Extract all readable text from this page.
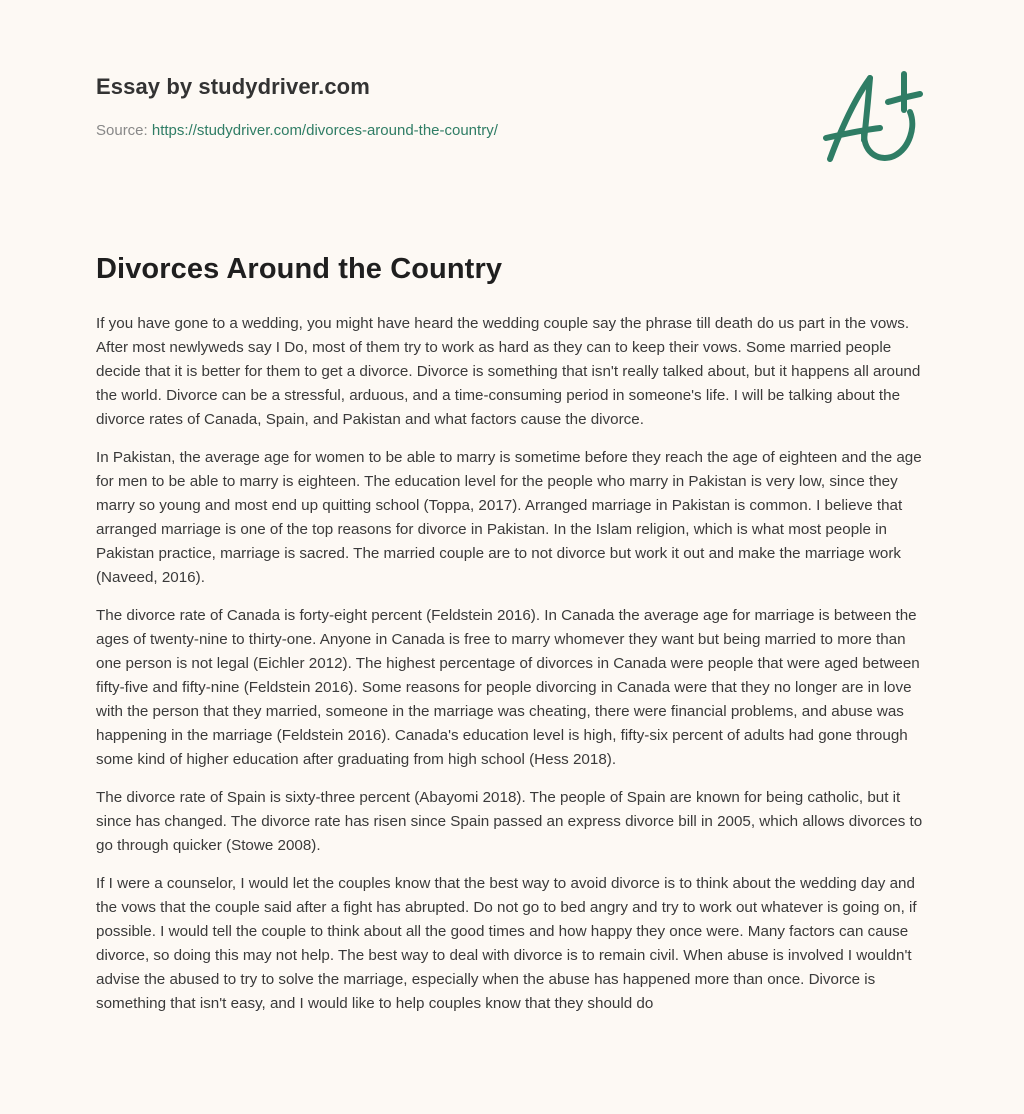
Essay by studydriver.com
Source: https://studydriver.com/divorces-around-the-country/
Divorces Around the Country

If you have gone to a wedding, you might have heard the wedding couple say the phrase till death do us part in the vows. After most newlyweds say I Do, most of them try to work as hard as they can to keep their vows. Some married people decide that it is better for them to get a divorce. Divorce is something that isn't really talked about, but it happens all around the world. Divorce can be a stressful, arduous, and a time-consuming period in someone's life. I will be talking about the divorce rates of Canada, Spain, and Pakistan and what factors cause the divorce.

In Pakistan, the average age for women to be able to marry is sometime before they reach the age of eighteen and the age for men to be able to marry is eighteen. The education level for the people who marry in Pakistan is very low, since they marry so young and most end up quitting school (Toppa, 2017). Arranged marriage in Pakistan is common. I believe that arranged marriage is one of the top reasons for divorce in Pakistan. In the Islam religion, which is what most people in Pakistan practice, marriage is sacred. The married couple are to not divorce but work it out and make the marriage work (Naveed, 2016).

The divorce rate of Canada is forty-eight percent (Feldstein 2016). In Canada the average age for marriage is between the ages of twenty-nine to thirty-one. Anyone in Canada is free to marry whomever they want but being married to more than one person is not legal (Eichler 2012). The highest percentage of divorces in Canada were people that were aged between fifty-five and fifty-nine (Feldstein 2016). Some reasons for people divorcing in Canada were that they no longer are in love with the person that they married, someone in the marriage was cheating, there were financial problems, and abuse was happening in the marriage (Feldstein 2016). Canada's education level is high, fifty-six percent of adults had gone through some kind of higher education after graduating from high school (Hess 2018).

The divorce rate of Spain is sixty-three percent (Abayomi 2018). The people of Spain are known for being catholic, but it since has changed. The divorce rate has risen since Spain passed an express divorce bill in 2005, which allows divorces to go through quicker (Stowe 2008).

If I were a counselor, I would let the couples know that the best way to avoid divorce is to think about the wedding day and the vows that the couple said after a fight has abrupted. Do not go to bed angry and try to work out whatever is going on, if possible. I would tell the couple to think about all the good times and how happy they once were. Many factors can cause divorce, so doing this may not help. The best way to deal with divorce is to remain civil. When abuse is involved I wouldn't advise the abused to try to solve the marriage, especially when the abuse has happened more than once. Divorce is something that isn't easy, and I would like to help couples know that they should do
